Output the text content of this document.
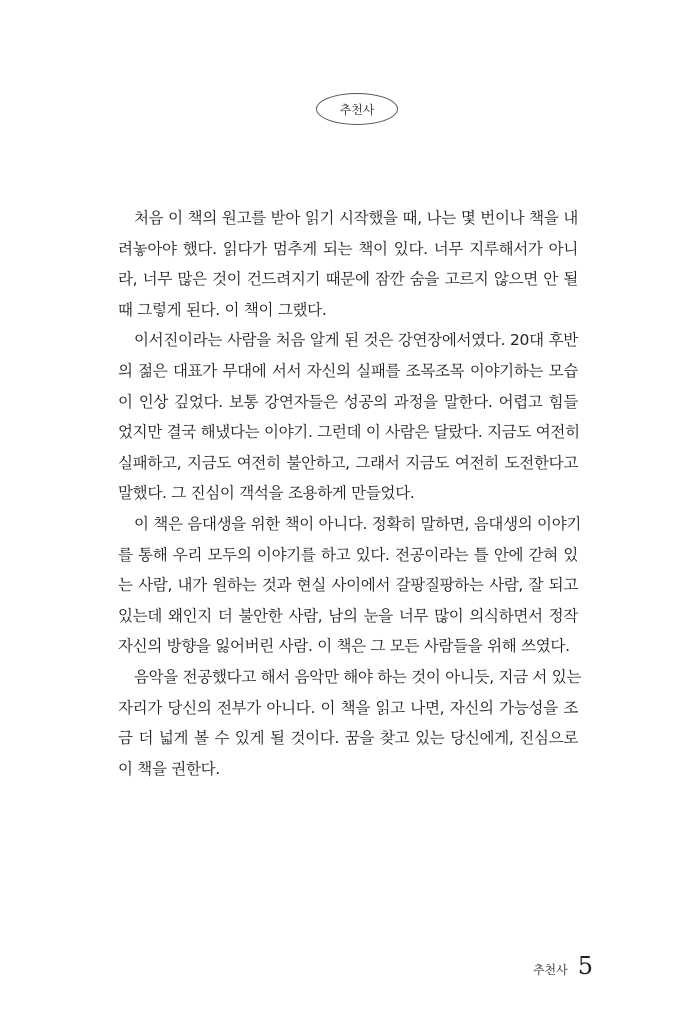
추천사
처음 이 책의 원고를 받아 읽기 시작했을 때, 나는 몇 번이나 책을 내
려놓아야 했다. 읽다가 멈추게 되는 책이 있다. 너무 지루해서가 아니
라, 너무 많은 것이 건드려지기 때문에 잠깐 숨을 고르지 않으면 안 될
때 그렇게 된다. 이 책이 그랬다.
이서진이라는 사람을 처음 알게 된 것은 강연장에서였다. 20대 후반
의 젊은 대표가 무대에 서서 자신의 실패를 조목조목 이야기하는 모습
이 인상 깊었다. 보통 강연자들은 성공의 과정을 말한다. 어렵고 힘들
었지만 결국 해냈다는 이야기. 그런데 이 사람은 달랐다. 지금도 여전히
실패하고, 지금도 여전히 불안하고, 그래서 지금도 여전히 도전한다고
말했다. 그 진심이 객석을 조용하게 만들었다.
이 책은 음대생을 위한 책이 아니다. 정확히 말하면, 음대생의 이야기
를 통해 우리 모두의 이야기를 하고 있다. 전공이라는 틀 안에 갇혀 있
는 사람, 내가 원하는 것과 현실 사이에서 갈팡질팡하는 사람, 잘 되고
있는데 왜인지 더 불안한 사람, 남의 눈을 너무 많이 의식하면서 정작
자신의 방향을 잃어버린 사람. 이 책은 그 모든 사람들을 위해 쓰였다.
음악을 전공했다고 해서 음악만 해야 하는 것이 아니듯, 지금 서 있는
자리가 당신의 전부가 아니다. 이 책을 읽고 나면, 자신의 가능성을 조
금 더 넓게 볼 수 있게 될 것이다. 꿈을 찾고 있는 당신에게, 진심으로
이 책을 권한다.
추천사 5
